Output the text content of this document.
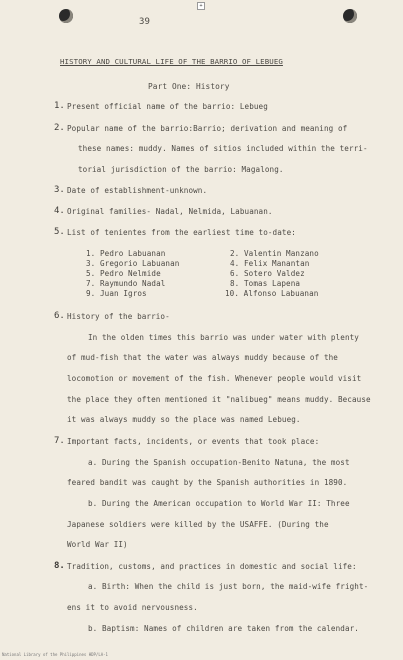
+
39
HISTORY AND CULTURAL LIFE OF THE BARRIO OF LEBUEG
Part One: History
1. Present official name of the barrio: Lebueg
2. Popular name of the barrio:Barrio; derivation and meaning of
these names: muddy. Names of sitios included within the terri-
torial jurisdiction of the barrio: Magalong.
3. Date of establishment-unknown.
4. Original families- Nadal, Nelmida, Labuanan.
5. List of tenientes from the earliest time to-date:
1. Pedro Labuanan
3. Gregorio Labuanan
5. Pedro Nelmide
7. Raymundo Nadal
9. Juan Igros
2. Valentin Manzano
4. Felix Manantan
6. Sotero Valdez
8. Tomas Lapena
10. Alfonso Labuanan
6. History of the barrio-
In the olden times this barrio was under water with plenty
of mud-fish that the water was always muddy because of the
locomotion or movement of the fish. Whenever people would visit
the place they often mentioned it "nalibueg" means muddy. Because
it was always muddy so the place was named Lebueg.
7. Important facts, incidents, or events that took place:
a. During the Spanish occupation-Benito Natuna, the most
feared bandit was caught by the Spanish authorities in 1890.
b. During the American occupation to World War II: Three
Japanese soldiers were killed by the USAFFE. (During the
World War II)
8. Tradition, customs, and practices in domestic and social life:
a. Birth: When the child is just born, the maid-wife fright-
ens it to avoid nervousness.
b. Baptism: Names of children are taken from the calendar.
National Library of the Philippines HDP/LA-1
